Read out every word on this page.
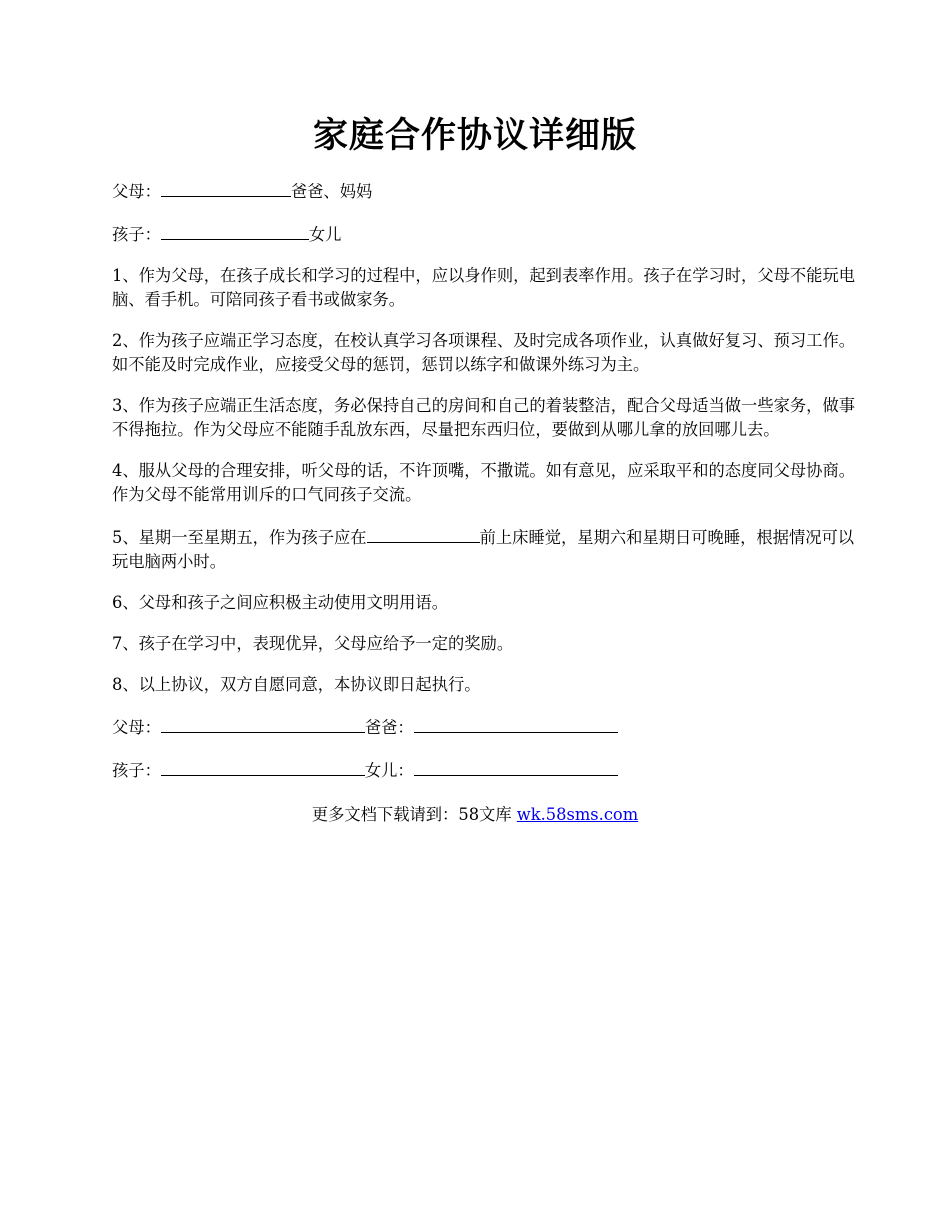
家庭合作协议详细版

父母：	爸爸、妈妈

孩子：	女儿

1、作为父母，在孩子成长和学习的过程中，应以身作则，起到表率作用。孩子在学习时，父母不能玩电脑、看手机。可陪同孩子看书或做家务。

2、作为孩子应端正学习态度，在校认真学习各项课程、及时完成各项作业，认真做好复习、预习工作。如不能及时完成作业，应接受父母的惩罚，惩罚以练字和做课外练习为主。

3、作为孩子应端正生活态度，务必保持自己的房间和自己的着装整洁，配合父母适当做一些家务，做事不得拖拉。作为父母应不能随手乱放东西，尽量把东西归位，要做到从哪儿拿的放回哪儿去。

4、服从父母的合理安排，听父母的话，不许顶嘴，不撒谎。如有意见，应采取平和的态度同父母协商。作为父母不能常用训斥的口气同孩子交流。

5、星期一至星期五，作为孩子应在	前上床睡觉，星期六和星期日可晚睡，根据情况可以玩电脑两小时。

6、父母和孩子之间应积极主动使用文明用语。

7、孩子在学习中，表现优异，父母应给予一定的奖励。

8、以上协议，双方自愿同意，本协议即日起执行。

父母：	爸爸：

孩子：	女儿：

更多文档下载请到：58文库 wk.58sms.com
